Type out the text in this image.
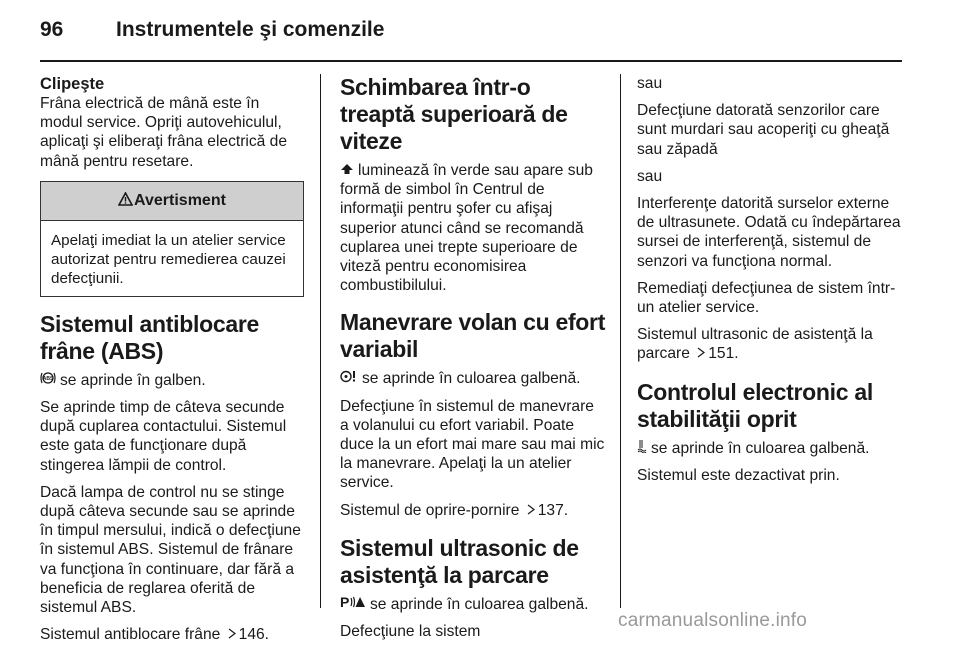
96	Instrumentele şi comenzile
Clipeşte

Frâna electrică de mână este în modul service. Opriţi autovehiculul, aplicaţi şi eliberaţi frâna electrică de mână pentru resetare.

Avertisment
Apelaţi imediat la un atelier service autorizat pentru remedierea cauzei defecţiunii.
Sistemul antiblocare frâne (ABS)

ABS se aprinde în galben.

Se aprinde timp de câteva secunde după cuplarea contactului. Sistemul este gata de funcţionare după stingerea lămpii de control.

Dacă lampa de control nu se stinge după câteva secunde sau se aprinde în timpul mersului, indică o defecţiune în sistemul ABS. Sistemul de frânare va funcţiona în continuare, dar fără a beneficia de reglarea oferită de sistemul ABS.

Sistemul antiblocare frâne 146.

Schimbarea într-o treaptă superioară de viteze

luminează în verde sau apare sub formă de simbol în Centrul de informaţii pentru şofer cu afişaj superior atunci când se recomandă cuplarea unei trepte superioare de viteză pentru economisirea combustibilului.

Manevrare volan cu efort variabil

se aprinde în culoarea galbenă.

Defecţiune în sistemul de manevrare a volanului cu efort variabil. Poate duce la un efort mai mare sau mai mic la manevrare. Apelaţi la un atelier service.

Sistemul de oprire-pornire 137.

Sistemul ultrasonic de asistenţă la parcare

P se aprinde în culoarea galbenă.

Defecţiune la sistem

sau

Defecţiune datorată senzorilor care sunt murdari sau acoperiţi cu gheaţă sau zăpadă

sau

Interferenţe datorită surselor externe de ultrasunete. Odată cu îndepărtarea sursei de interferenţă, sistemul de senzori va funcţiona normal.

Remediaţi defecţiunea de sistem într-un atelier service.

Sistemul ultrasonic de asistenţă la parcare 151.

Controlul electronic al stabilităţii oprit

se aprinde în culoarea galbenă.

Sistemul este dezactivat prin.

carmanualsonline.info
